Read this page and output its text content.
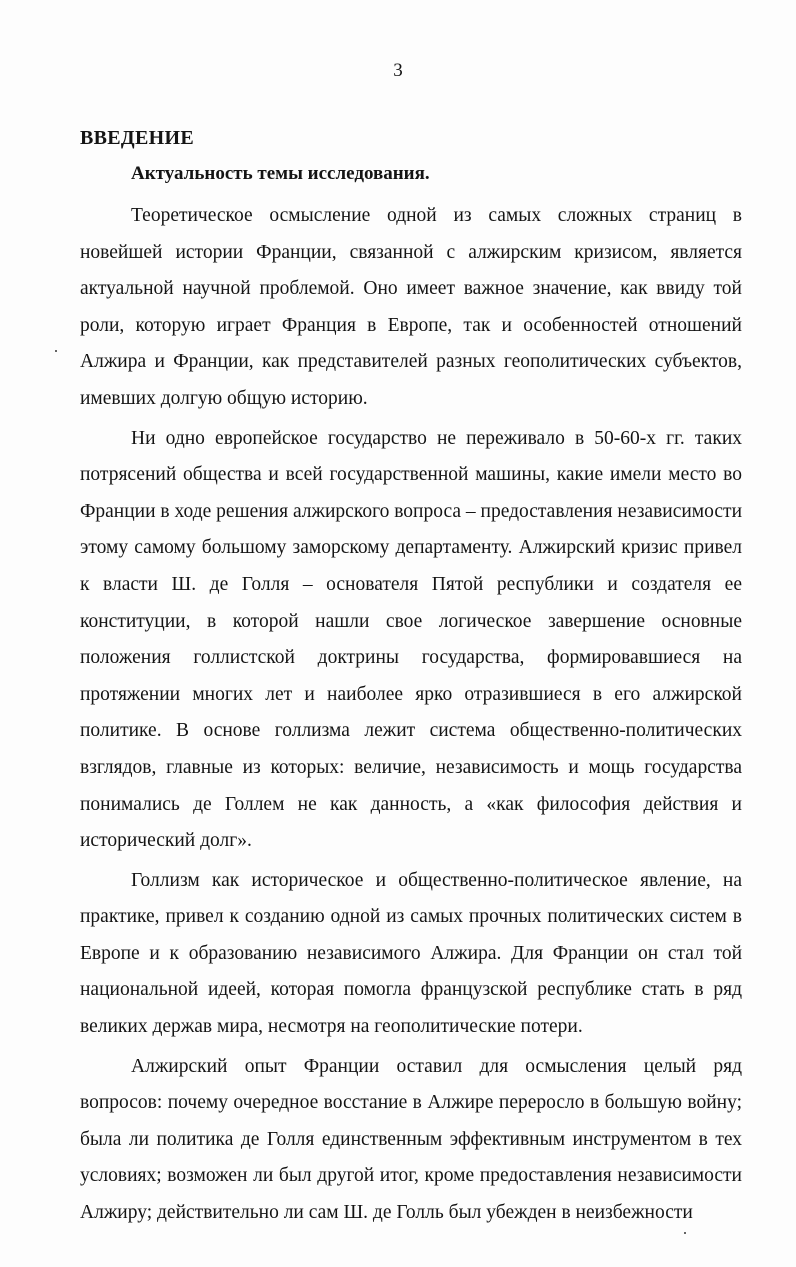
3
ВВЕДЕНИЕ
Актуальность темы исследования.

Теоретическое осмысление одной из самых сложных страниц в новейшей истории Франции, связанной с алжирским кризисом, является актуальной научной проблемой. Оно имеет важное значение, как ввиду той роли, которую играет Франция в Европе, так и особенностей отношений Алжира и Франции, как представителей разных геополитических субъектов, имевших долгую общую историю.

Ни одно европейское государство не переживало в 50-60-х гг. таких потрясений общества и всей государственной машины, какие имели место во Франции в ходе решения алжирского вопроса – предоставления независимости этому самому большому заморскому департаменту. Алжирский кризис привел к власти Ш. де Голля – основателя Пятой республики и создателя ее конституции, в которой нашли свое логическое завершение основные положения голлистской доктрины государства, формировавшиеся на протяжении многих лет и наиболее ярко отразившиеся в его алжирской политике. В основе голлизма лежит система общественно-политических взглядов, главные из которых: величие, независимость и мощь государства понимались де Голлем не как данность, а «как философия действия и исторический долг».

Голлизм как историческое и общественно-политическое явление, на практике, привел к созданию одной из самых прочных политических систем в Европе и к образованию независимого Алжира. Для Франции он стал той национальной идеей, которая помогла французской республике стать в ряд великих держав мира, несмотря на геополитические потери.

Алжирский опыт Франции оставил для осмысления целый ряд вопросов: почему очередное восстание в Алжире переросло в большую войну; была ли политика де Голля единственным эффективным инструментом в тех условиях; возможен ли был другой итог, кроме предоставления независимости Алжиру; действительно ли сам Ш. де Голль был убежден в неизбежности
